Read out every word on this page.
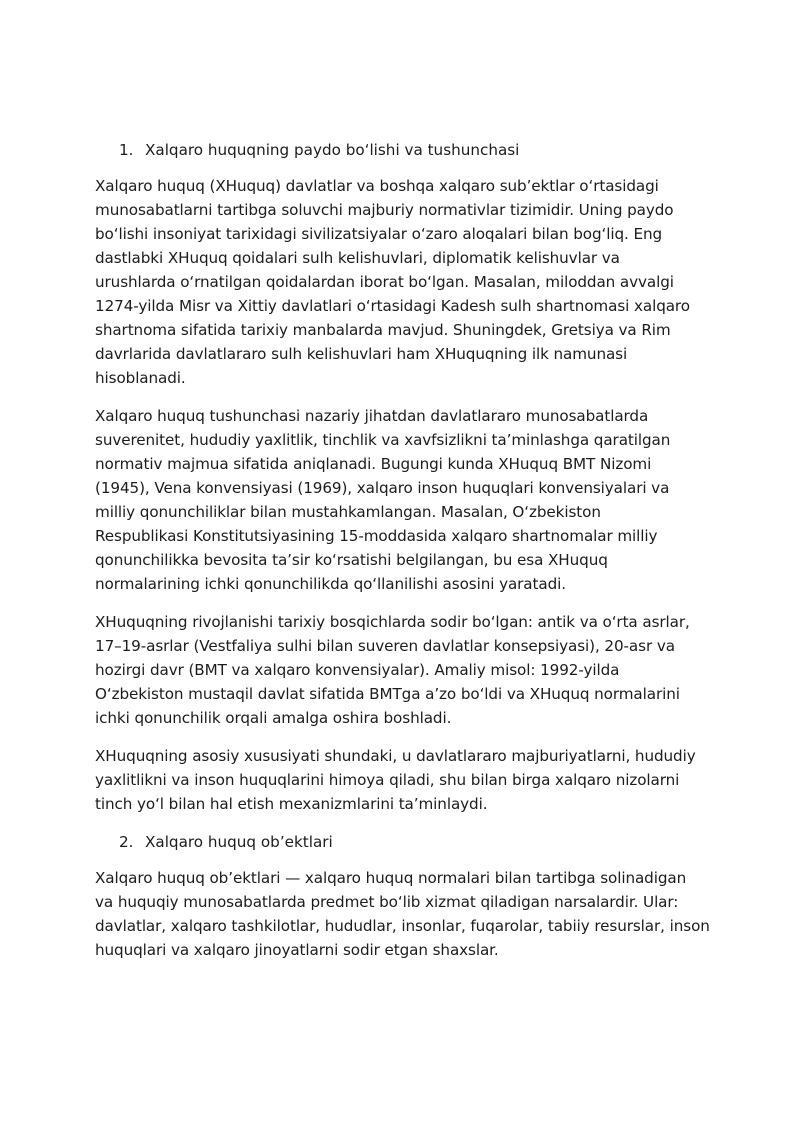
1. Xalqaro huquqning paydo bo‘lishi va tushunchasi
Xalqaro huquq (XHuquq) davlatlar va boshqa xalqaro sub’ektlar o‘rtasidagi
munosabatlarni tartibga soluvchi majburiy normativlar tizimidir. Uning paydo
bo‘lishi insoniyat tarixidagi sivilizatsiyalar o‘zaro aloqalari bilan bog‘liq. Eng
dastlabki XHuquq qoidalari sulh kelishuvlari, diplomatik kelishuvlar va
urushlarda o‘rnatilgan qoidalardan iborat bo‘lgan. Masalan, miloddan avvalgi
1274-yilda Misr va Xittiy davlatlari o‘rtasidagi Kadesh sulh shartnomasi xalqaro
shartnoma sifatida tarixiy manbalarda mavjud. Shuningdek, Gretsiya va Rim
davrlarida davlatlararo sulh kelishuvlari ham XHuquqning ilk namunasi
hisoblanadi.
Xalqaro huquq tushunchasi nazariy jihatdan davlatlararo munosabatlarda
suverenitet, hududiy yaxlitlik, tinchlik va xavfsizlikni ta’minlashga qaratilgan
normativ majmua sifatida aniqlanadi. Bugungi kunda XHuquq BMT Nizomi
(1945), Vena konvensiyasi (1969), xalqaro inson huquqlari konvensiyalari va
milliy qonunchiliklar bilan mustahkamlangan. Masalan, O‘zbekiston
Respublikasi Konstitutsiyasining 15-moddasida xalqaro shartnomalar milliy
qonunchilikka bevosita ta’sir ko‘rsatishi belgilangan, bu esa XHuquq
normalarining ichki qonunchilikda qo‘llanilishi asosini yaratadi.
XHuquqning rivojlanishi tarixiy bosqichlarda sodir bo‘lgan: antik va o‘rta asrlar,
17–19-asrlar (Vestfaliya sulhi bilan suveren davlatlar konsepsiyasi), 20-asr va
hozirgi davr (BMT va xalqaro konvensiyalar). Amaliy misol: 1992-yilda
O‘zbekiston mustaqil davlat sifatida BMTga a’zo bo‘ldi va XHuquq normalarini
ichki qonunchilik orqali amalga oshira boshladi.
XHuquqning asosiy xususiyati shundaki, u davlatlararo majburiyatlarni, hududiy
yaxlitlikni va inson huquqlarini himoya qiladi, shu bilan birga xalqaro nizolarni
tinch yo‘l bilan hal etish mexanizmlarini ta’minlaydi.
2. Xalqaro huquq ob’ektlari
Xalqaro huquq ob’ektlari — xalqaro huquq normalari bilan tartibga solinadigan
va huquqiy munosabatlarda predmet bo‘lib xizmat qiladigan narsalardir. Ular:
davlatlar, xalqaro tashkilotlar, hududlar, insonlar, fuqarolar, tabiiy resurslar, inson
huquqlari va xalqaro jinoyatlarni sodir etgan shaxslar.
